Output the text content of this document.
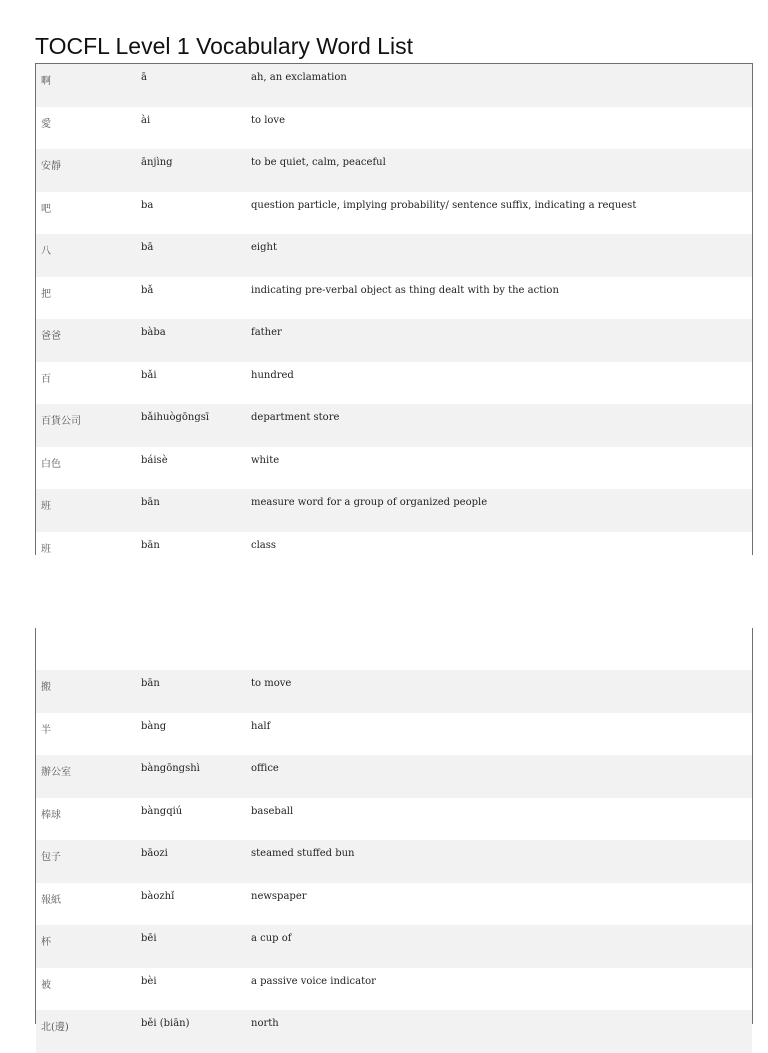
TOCFL Level 1 Vocabulary Word List
啊	ā	ah, an exclamation
愛	ài	to love
安靜	ānjìng	to be quiet, calm, peaceful
吧	ba	question particle, implying probability/ sentence suffix, indicating a request
八	bā	eight
把	bǎ	indicating pre-verbal object as thing dealt with by the action
爸爸	bàba	father
百	bǎi	hundred
百貨公司	bǎihuògōngsī	department store
白色	báisè	white
班	bān	measure word for a group of organized people
班	bān	class
搬	bān	to move
半	bàng	half
辦公室	bàngōngshì	office
棒球	bàngqiú	baseball
包子	bāozi	steamed stuffed bun
報紙	bàozhǐ	newspaper
杯	bēi	a cup of
被	bèi	a passive voice indicator
北(邊)	běi (biān)	north
